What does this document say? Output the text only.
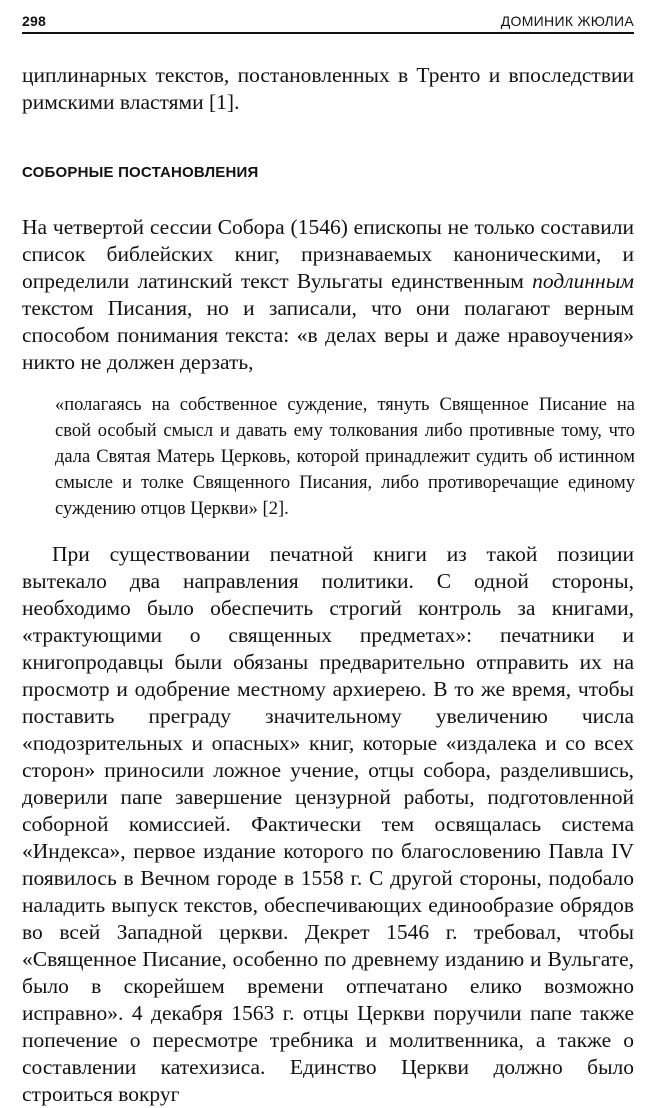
298	ДОМИНИК ЖЮЛИА

циплинарных текстов, постановленных в Тренто и впоследствии римскими властями [1].

СОБОРНЫЕ ПОСТАНОВЛЕНИЯ

На четвертой сессии Собора (1546) епископы не только составили список библейских книг, признаваемых каноническими, и определили латинский текст Вульгаты единственным подлинным текстом Писания, но и записали, что они полагают верным способом понимания текста: «в делах веры и даже нравоучения» никто не должен дерзать,

«полагаясь на собственное суждение, тянуть Священное Писание на свой особый смысл и давать ему толкования либо противные тому, что дала Святая Матерь Церковь, которой принадлежит судить об истинном смысле и толке Священного Писания, либо противоречащие единому суждению отцов Церкви» [2].

При существовании печатной книги из такой позиции вытекало два направления политики. С одной стороны, необходимо было обеспечить строгий контроль за книгами, «трактующими о священных предметах»: печатники и книгопродавцы были обязаны предварительно отправить их на просмотр и одобрение местному архиерею. В то же время, чтобы поставить преграду значительному увеличению числа «подозрительных и опасных» книг, которые «издалека и со всех сторон» приносили ложное учение, отцы собора, разделившись, доверили папе завершение цензурной работы, подготовленной соборной комиссией. Фактически тем освящалась система «Индекса», первое издание которого по благословению Павла IV появилось в Вечном городе в 1558 г. С другой стороны, подобало наладить выпуск текстов, обеспечивающих единообразие обрядов во всей Западной церкви. Декрет 1546 г. требовал, чтобы «Священное Писание, особенно по древнему изданию и Вульгате, было в скорейшем времени отпечатано елико возможно исправно». 4 декабря 1563 г. отцы Церкви поручили папе также попечение о пересмотре требника и молитвенника, а также о составлении катехизиса. Единство Церкви должно было строиться вокруг
